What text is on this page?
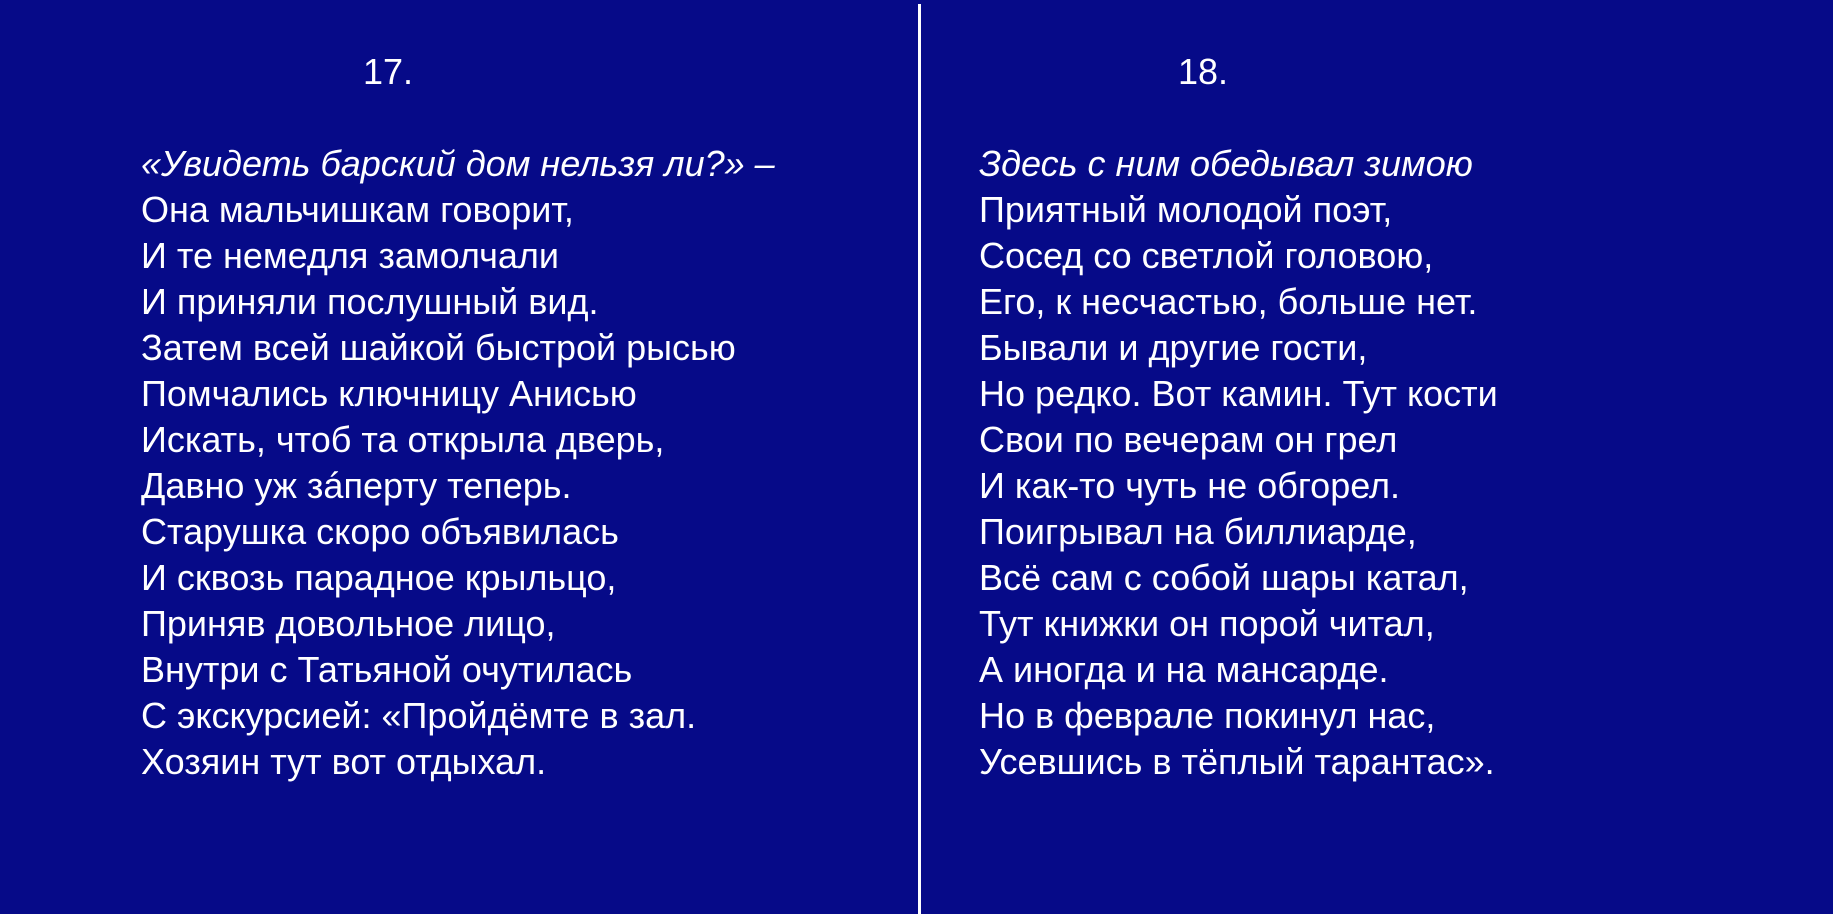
17.
«Увидеть барский дом нельзя ли?» –
Она мальчишкам говорит,
И те немедля замолчали
И приняли послушный вид.
Затем всей шайкой быстрой рысью
Помчались ключницу Анисью
Искать, чтоб та открыла дверь,
Давно уж зáперту теперь.
Старушка скоро объявилась
И сквозь парадное крыльцо,
Приняв довольное лицо,
Внутри с Татьяной очутилась
С экскурсией: «Пройдёмте в зал.
Хозяин тут вот отдыхал.
18.
Здесь с ним обедывал зимою
Приятный молодой поэт,
Сосед со светлой головою,
Его, к несчастью, больше нет.
Бывали и другие гости,
Но редко. Вот камин. Тут кости
Свои по вечерам он грел
И как-то чуть не обгорел.
Поигрывал на биллиарде,
Всё сам с собой шары катал,
Тут книжки он порой читал,
А иногда и на мансарде.
Но в феврале покинул нас,
Усевшись в тёплый тарантас».
